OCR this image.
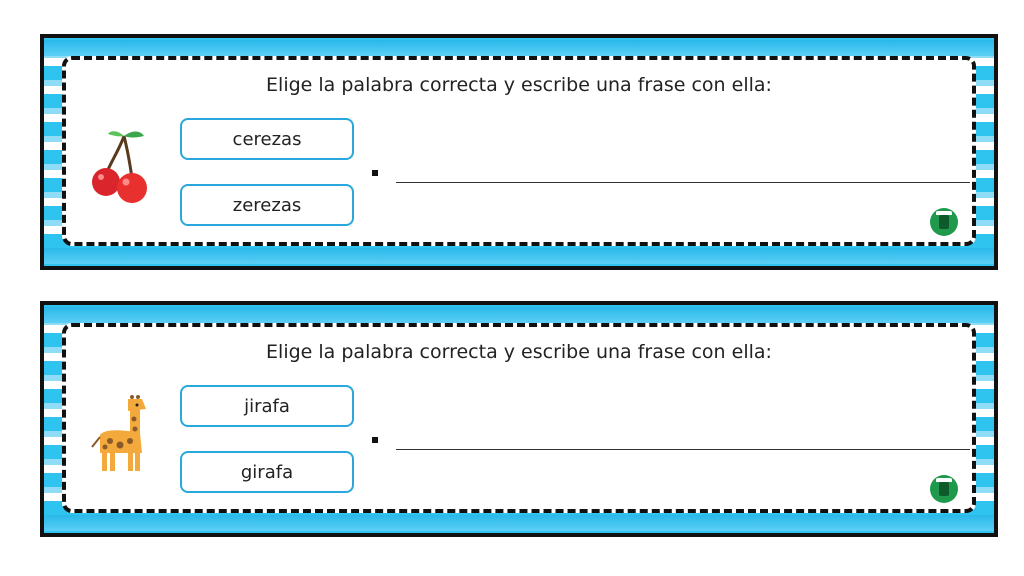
Elige la palabra correcta y escribe una frase con ella:
cerezas
zerezas
Elige la palabra correcta y escribe una frase con ella:
jirafa
girafa
